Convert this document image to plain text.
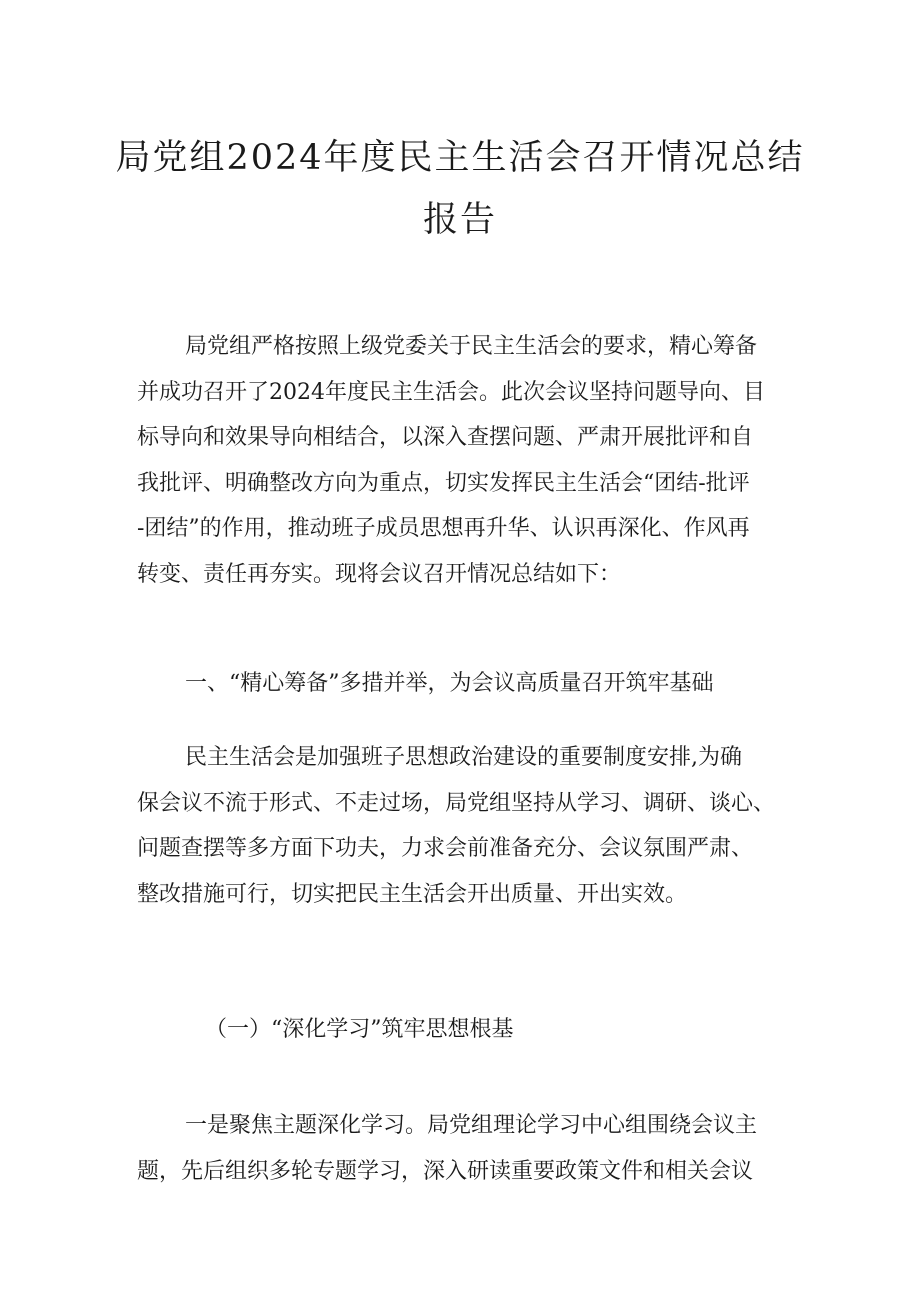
局党组2024年度民主生活会召开情况总结
报告
局党组严格按照上级党委关于民主生活会的要求，精心筹备
并成功召开了2024年度民主生活会。此次会议坚持问题导向、目
标导向和效果导向相结合，以深入查摆问题、严肃开展批评和自
我批评、明确整改方向为重点，切实发挥民主生活会“团结-批评
-团结”的作用，推动班子成员思想再升华、认识再深化、作风再
转变、责任再夯实。现将会议召开情况总结如下：
一、“精心筹备”多措并举，为会议高质量召开筑牢基础
民主生活会是加强班子思想政治建设的重要制度安排,为确
保会议不流于形式、不走过场，局党组坚持从学习、调研、谈心、
问题查摆等多方面下功夫，力求会前准备充分、会议氛围严肃、
整改措施可行，切实把民主生活会开出质量、开出实效。
（一）“深化学习”筑牢思想根基
一是聚焦主题深化学习。局党组理论学习中心组围绕会议主
题，先后组织多轮专题学习，深入研读重要政策文件和相关会议
